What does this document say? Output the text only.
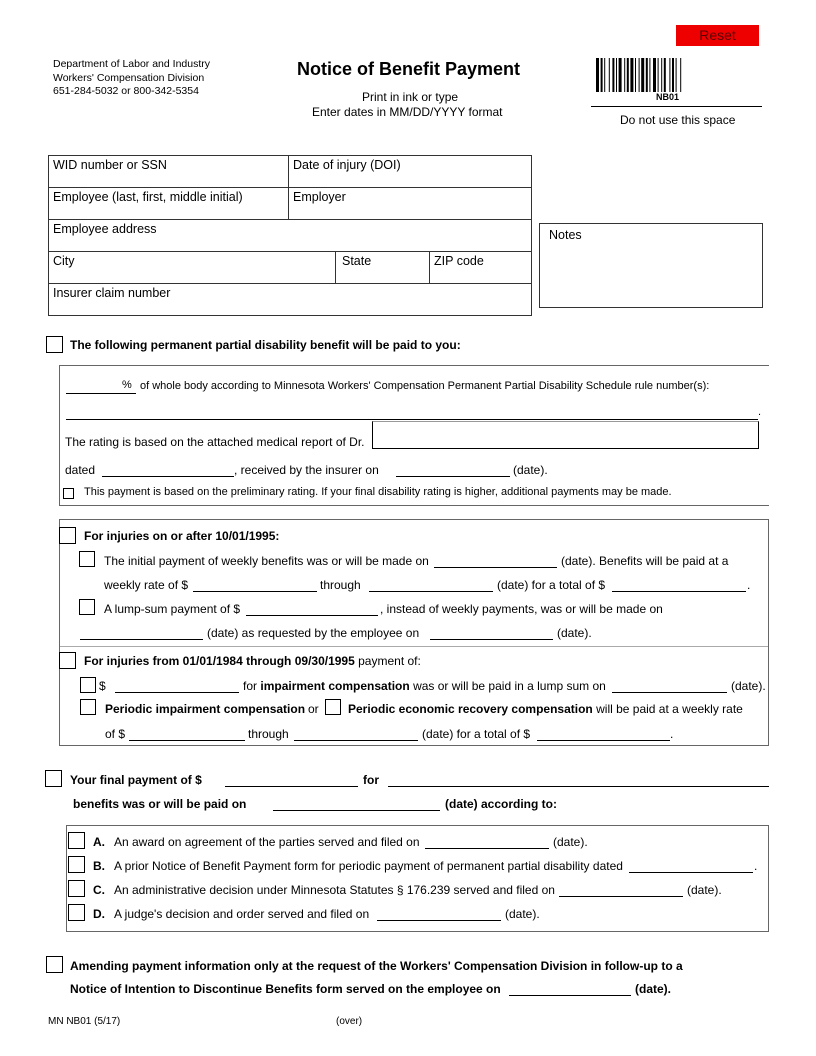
Reset
Department of Labor and Industry
Workers' Compensation Division
651-284-5032 or 800-342-5354
Notice of Benefit Payment
Print in ink or type
Enter dates in MM/DD/YYYY format
NB01
Do not use this space
WID number or SSN	Date of injury (DOI)
Employee (last, first, middle initial)	Employer
Employee address
City	State	ZIP code
Insurer claim number
Notes
The following permanent partial disability benefit will be paid to you:
% of whole body according to Minnesota Workers' Compensation Permanent Partial Disability Schedule rule number(s):
.
The rating is based on the attached medical report of Dr.
dated	, received by the insurer on	(date).
This payment is based on the preliminary rating. If your final disability rating is higher, additional payments may be made.
For injuries on or after 10/01/1995:
The initial payment of weekly benefits was or will be made on	(date). Benefits will be paid at a
weekly rate of $	through	(date) for a total of $	.
A lump-sum payment of $	, instead of weekly payments, was or will be made on
(date) as requested by the employee on	(date).
For injuries from 01/01/1984 through 09/30/1995 payment of:
$	for impairment compensation was or will be paid in a lump sum on	(date).
Periodic impairment compensation or Periodic economic recovery compensation will be paid at a weekly rate
of $	through	(date) for a total of $	.
Your final payment of $	for
benefits was or will be paid on	(date) according to:
A. An award on agreement of the parties served and filed on	(date).
B. A prior Notice of Benefit Payment form for periodic payment of permanent partial disability dated	.
C. An administrative decision under Minnesota Statutes § 176.239 served and filed on	(date).
D. A judge's decision and order served and filed on	(date).
Amending payment information only at the request of the Workers' Compensation Division in follow-up to a
Notice of Intention to Discontinue Benefits form served on the employee on	(date).
MN NB01 (5/17)	(over)
